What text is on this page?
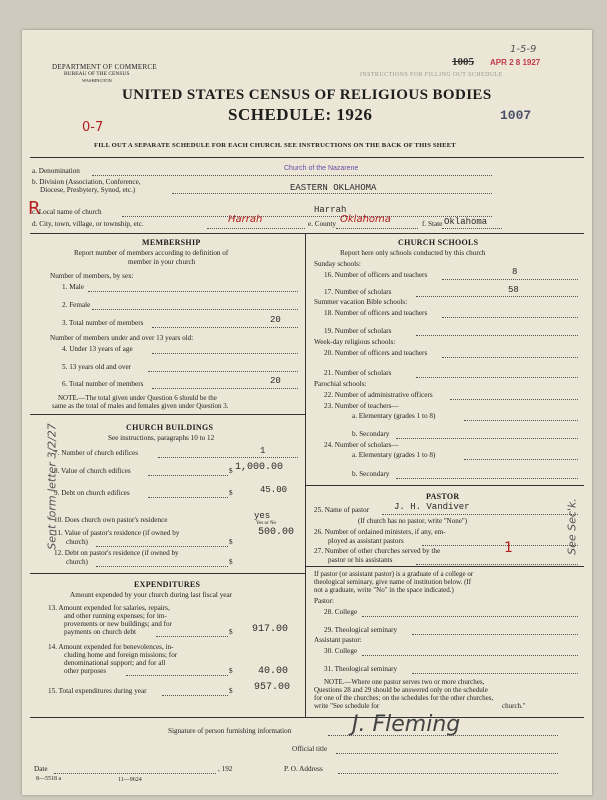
1-5-9
1005 APR 2 8 1927
INSTRUCTIONS FOR FILLING OUT SCHEDULE
1007
DEPARTMENT OF COMMERCE
BUREAU OF THE CENSUS
WASHINGTON
UNITED STATES CENSUS OF RELIGIOUS BODIES
SCHEDULE: 1926
0-7
FILL OUT A SEPARATE SCHEDULE FOR EACH CHURCH. SEE INSTRUCTIONS ON THE BACK OF THIS SHEET
a. Denomination	Church of the Nazarene
b. Division (Association, Conference,
Diocese, Presbytery, Synod, etc.)	EASTERN OKLAHOMA
R
c. Local name of church	Harrah
d. City, town, village, or township, etc.	Harrah	e. County Oklahoma	f. State Oklahoma
MEMBERSHIP
Report number of members according to definition of
member in your church
Number of members, by sex:
1. Male
2. Female
3. Total number of members	20
Number of members under and over 13 years old:
4. Under 13 years of age
5. 13 years old and over
6. Total number of members	20
NOTE.—The total given under Question 6 should be the
same as the total of males and females given under Question 3.
CHURCH BUILDINGS
See instructions, paragraphs 10 to 12
7. Number of church edifices	1
8. Value of church edifices	$ 1,000.00
9. Debt on church edifices	$	45.00
10. Does church own pastor's residence	yes
Yes or No
11. Value of pastor's residence (if owned by
church)	$
500.00
12. Debt on pastor's residence (if owned by
church)	$
EXPENDITURES
Amount expended by your church during last fiscal year
13. Amount expended for salaries, repairs,
and other running expenses; for im-
provements or new buildings; and for
payments on church debt	$ 917.00
14. Amount expended for benevolences, in-
cluding home and foreign missions; for
denominational support; and for all
other purposes	$	40.00
15. Total expenditures during year	$ 957.00
CHURCH SCHOOLS
Report here only schools conducted by this church
Sunday schools:
16. Number of officers and teachers	8
17. Number of scholars	58
Summer vacation Bible schools:
18. Number of officers and teachers
19. Number of scholars
Week-day religious schools:
20. Number of officers and teachers
21. Number of scholars
Parochial schools:
22. Number of administrative officers
23. Number of teachers—
a. Elementary (grades 1 to 8)
b. Secondary
24. Number of scholars—
a. Elementary (grades 1 to 8)
b. Secondary
PASTOR
25. Name of pastor	J. H. Vandiver
(If church has no pastor, write "None")
26. Number of ordained ministers, if any, em-
ployed as assistant pastors
27. Number of other churches served by the
pastor or his assistants
1
If pastor (or assistant pastor) is a graduate of a college or
theological seminary, give name of institution below. (If
not a graduate, write "No" in the space indicated.)
Pastor:
28. College
29. Theological seminary
Assistant pastor:
30. College
31. Theological seminary
NOTE.—Where one pastor serves two or more churches,
Questions 28 and 29 should be answered only on the schedule
for one of the churches; on the schedules for the other churches,
write "See schedule for	church."
Signature of person furnishing information	J. Fleming
Official title
Date	, 192	P. O. Address
8—5518 a	11—9624
Sent form letter 3/2/27	See Sec'k.
